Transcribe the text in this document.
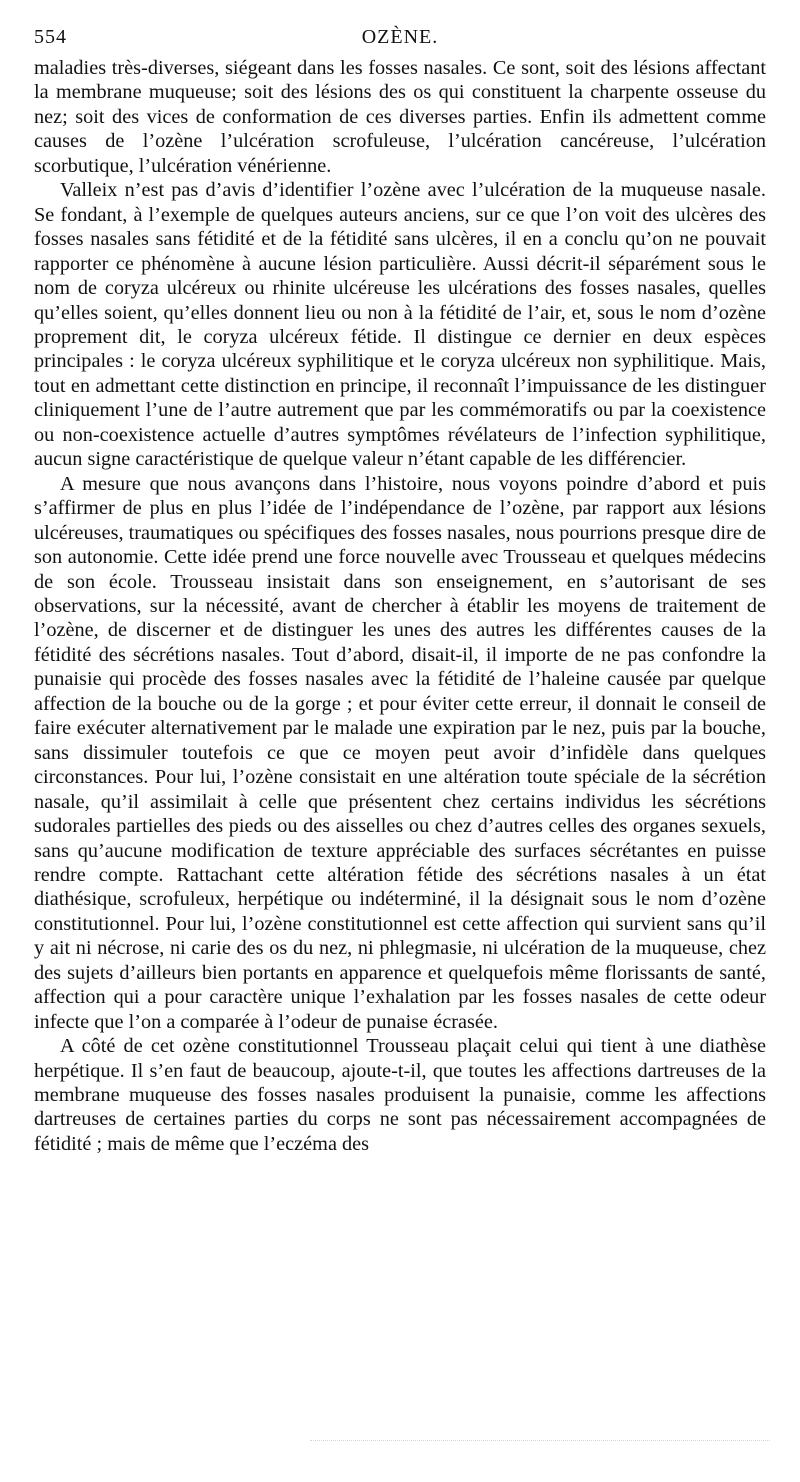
554	OZÈNE.

maladies très-diverses, siégeant dans les fosses nasales. Ce sont, soit des lésions affectant la membrane muqueuse; soit des lésions des os qui constituent la charpente osseuse du nez; soit des vices de conformation de ces diverses parties. Enfin ils admettent comme causes de l’ozène l’ulcération scrofuleuse, l’ulcération cancéreuse, l’ulcération scorbutique, l’ulcération vénérienne.

Valleix n’est pas d’avis d’identifier l’ozène avec l’ulcération de la muqueuse nasale. Se fondant, à l’exemple de quelques auteurs anciens, sur ce que l’on voit des ulcères des fosses nasales sans fétidité et de la fétidité sans ulcères, il en a conclu qu’on ne pouvait rapporter ce phénomène à aucune lésion particulière. Aussi décrit-il séparément sous le nom de coryza ulcéreux ou rhinite ulcéreuse les ulcérations des fosses nasales, quelles qu’elles soient, qu’elles donnent lieu ou non à la fétidité de l’air, et, sous le nom d’ozène proprement dit, le coryza ulcéreux fétide. Il distingue ce dernier en deux espèces principales : le coryza ulcéreux syphilitique et le coryza ulcéreux non syphilitique. Mais, tout en admettant cette distinction en principe, il reconnaît l’impuissance de les distinguer cliniquement l’une de l’autre autrement que par les commémoratifs ou par la coexistence ou non-coexistence actuelle d’autres symptômes révélateurs de l’infection syphilitique, aucun signe caractéristique de quelque valeur n’étant capable de les différencier.

A mesure que nous avançons dans l’histoire, nous voyons poindre d’abord et puis s’affirmer de plus en plus l’idée de l’indépendance de l’ozène, par rapport aux lésions ulcéreuses, traumatiques ou spécifiques des fosses nasales, nous pourrions presque dire de son autonomie. Cette idée prend une force nouvelle avec Trousseau et quelques médecins de son école. Trousseau insistait dans son enseignement, en s’autorisant de ses observations, sur la nécessité, avant de chercher à établir les moyens de traitement de l’ozène, de discerner et de distinguer les unes des autres les différentes causes de la fétidité des sécrétions nasales. Tout d’abord, disait-il, il importe de ne pas confondre la punaisie qui procède des fosses nasales avec la fétidité de l’haleine causée par quelque affection de la bouche ou de la gorge ; et pour éviter cette erreur, il donnait le conseil de faire exécuter alternativement par le malade une expiration par le nez, puis par la bouche, sans dissimuler toutefois ce que ce moyen peut avoir d’infidèle dans quelques circonstances. Pour lui, l’ozène consistait en une altération toute spéciale de la sécrétion nasale, qu’il assimilait à celle que présentent chez certains individus les sécrétions sudorales partielles des pieds ou des aisselles ou chez d’autres celles des organes sexuels, sans qu’aucune modification de texture appréciable des surfaces sécrétantes en puisse rendre compte. Rattachant cette altération fétide des sécrétions nasales à un état diathésique, scrofuleux, herpétique ou indéterminé, il la désignait sous le nom d’ozène constitutionnel. Pour lui, l’ozène constitutionnel est cette affection qui survient sans qu’il y ait ni nécrose, ni carie des os du nez, ni phlegmasie, ni ulcération de la muqueuse, chez des sujets d’ailleurs bien portants en apparence et quelquefois même florissants de santé, affection qui a pour caractère unique l’exhalation par les fosses nasales de cette odeur infecte que l’on a comparée à l’odeur de punaise écrasée.

A côté de cet ozène constitutionnel Trousseau plaçait celui qui tient à une diathèse herpétique. Il s’en faut de beaucoup, ajoute-t-il, que toutes les affections dartreuses de la membrane muqueuse des fosses nasales produisent la punaisie, comme les affections dartreuses de certaines parties du corps ne sont pas nécessairement accompagnées de fétidité ; mais de même que l’eczéma des
